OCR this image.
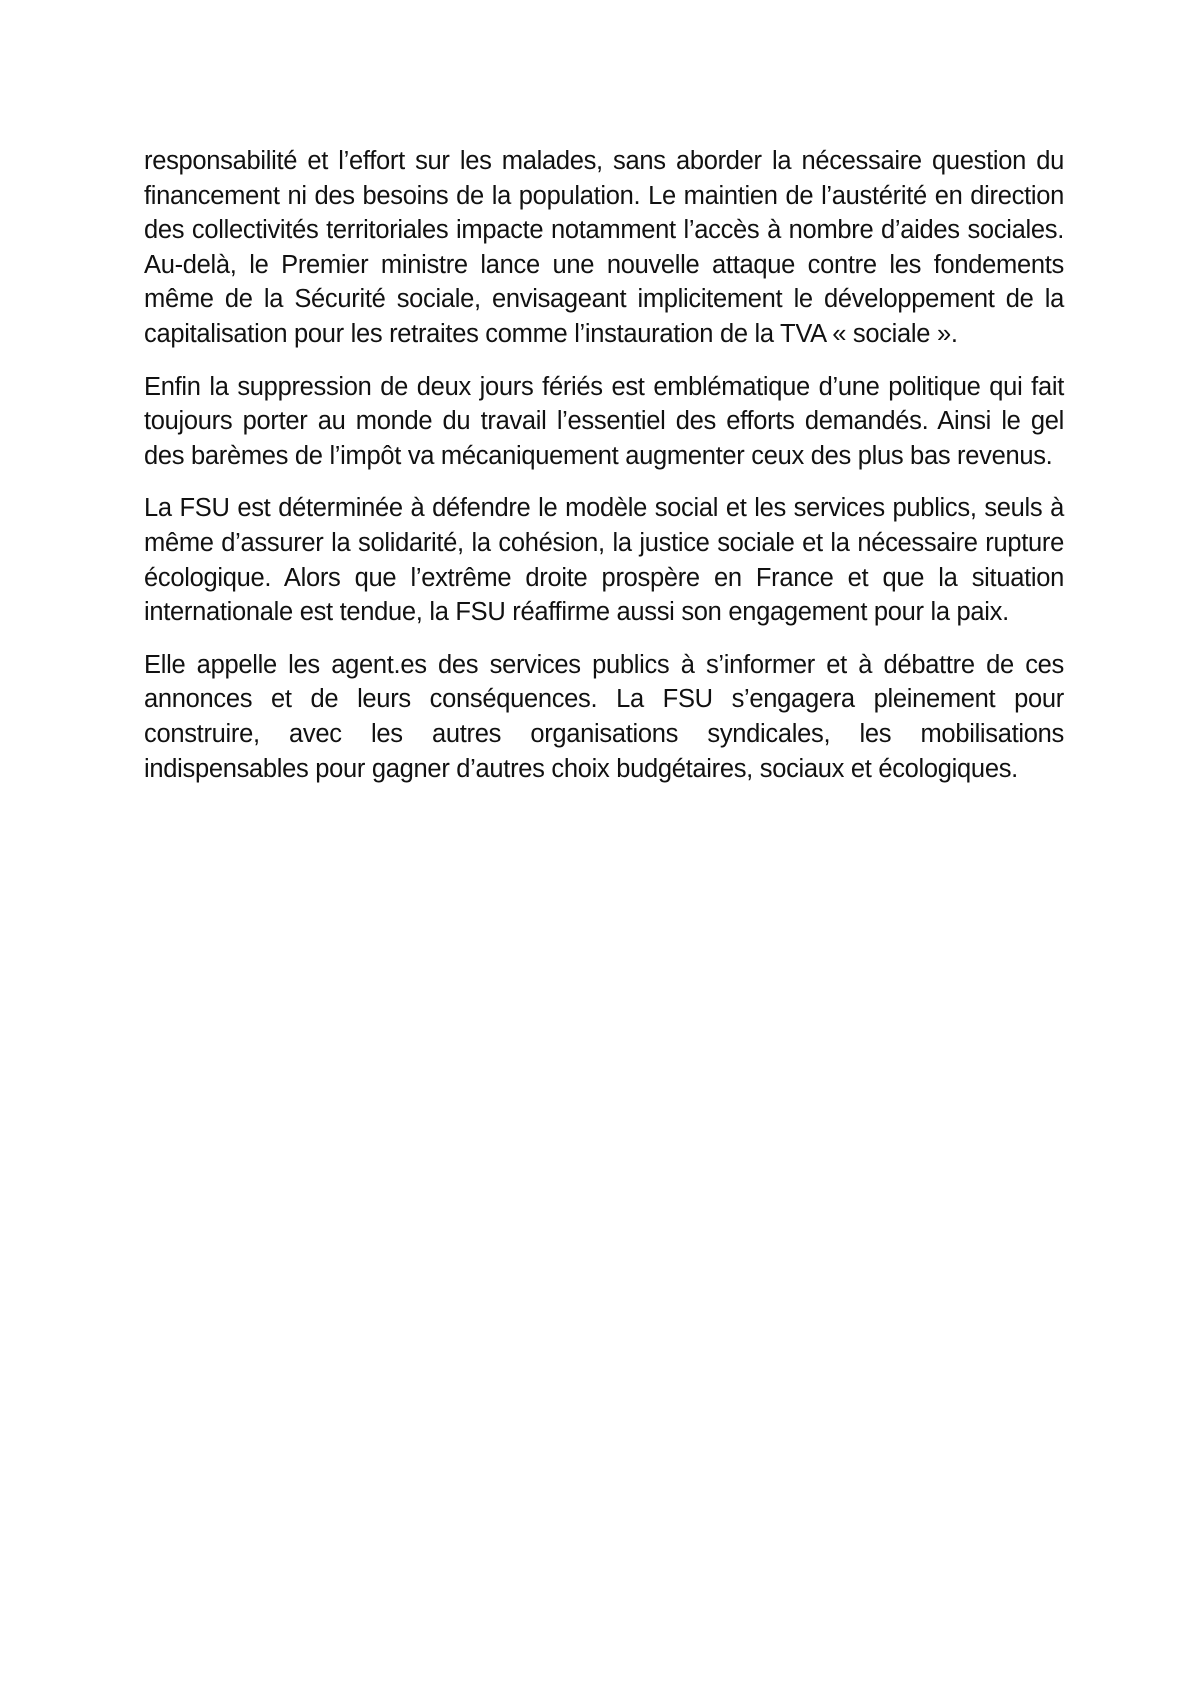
responsabilité et l’effort sur les malades, sans aborder la nécessaire question du financement ni des besoins de la population. Le maintien de l’austérité en direction des collectivités territoriales impacte notamment l’accès à nombre d’aides sociales. Au-delà, le Premier ministre lance une nouvelle attaque contre les fondements même de la Sécurité sociale, envisageant implicitement le développement de la capitalisation pour les retraites comme l’instauration de la TVA « sociale ».

Enfin la suppression de deux jours fériés est emblématique d’une politique qui fait toujours porter au monde du travail l’essentiel des efforts demandés. Ainsi le gel des barèmes de l’impôt va mécaniquement augmenter ceux des plus bas revenus.

La FSU est déterminée à défendre le modèle social et les services publics, seuls à même d’assurer la solidarité, la cohésion, la justice sociale et la nécessaire rupture écologique. Alors que l’extrême droite prospère en France et que la situation internationale est tendue, la FSU réaffirme aussi son engagement pour la paix.

Elle appelle les agent.es des services publics à s’informer et à débattre de ces annonces et de leurs conséquences. La FSU s’engagera pleinement pour construire, avec les autres organisations syndicales, les mobilisations indispensables pour gagner d’autres choix budgétaires, sociaux et écologiques.
